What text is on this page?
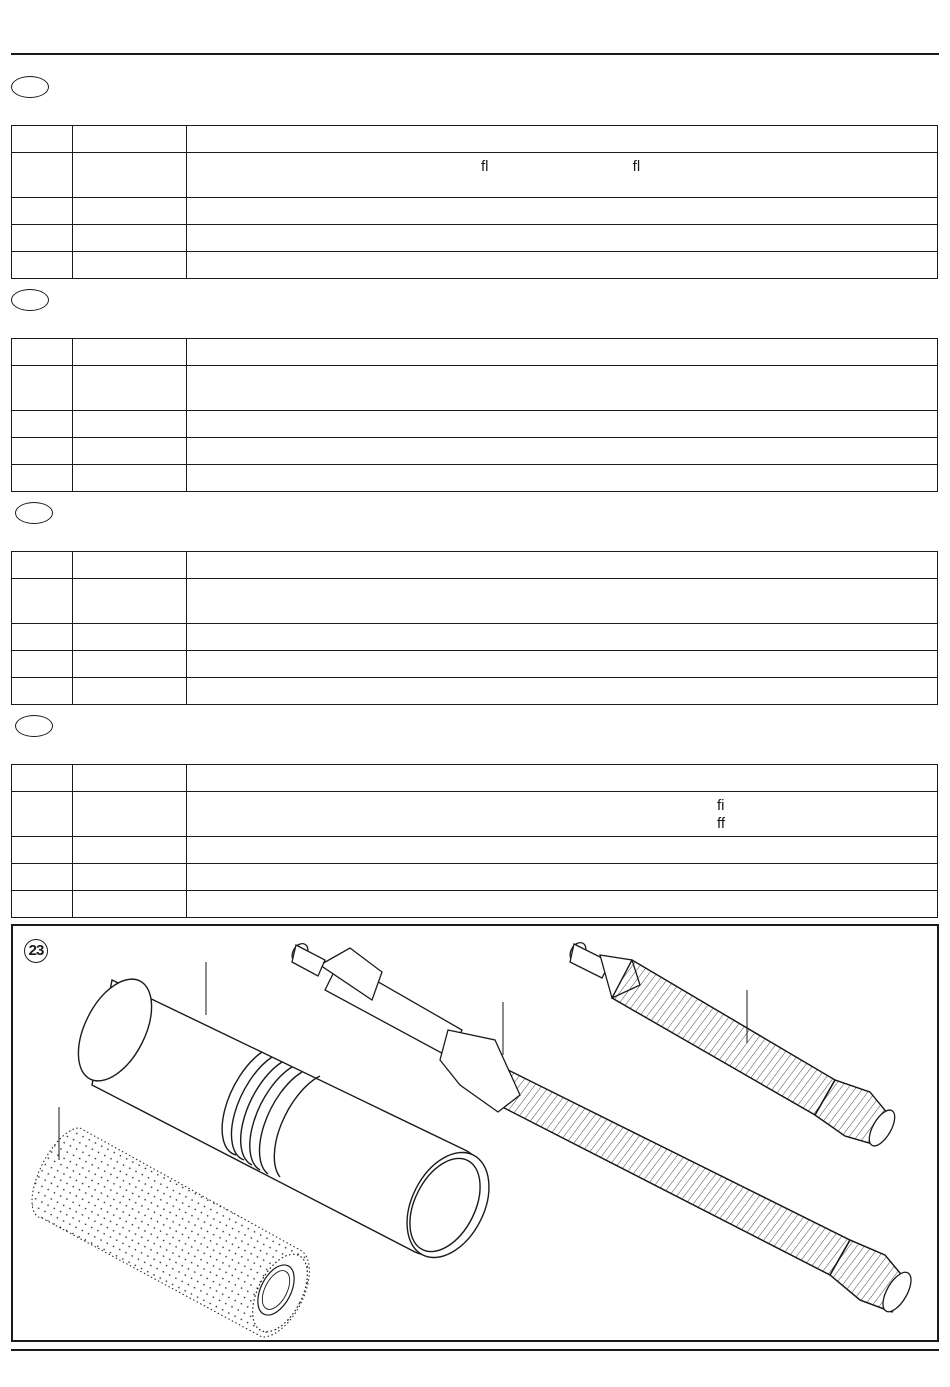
		fl fl

		fi ff

23
